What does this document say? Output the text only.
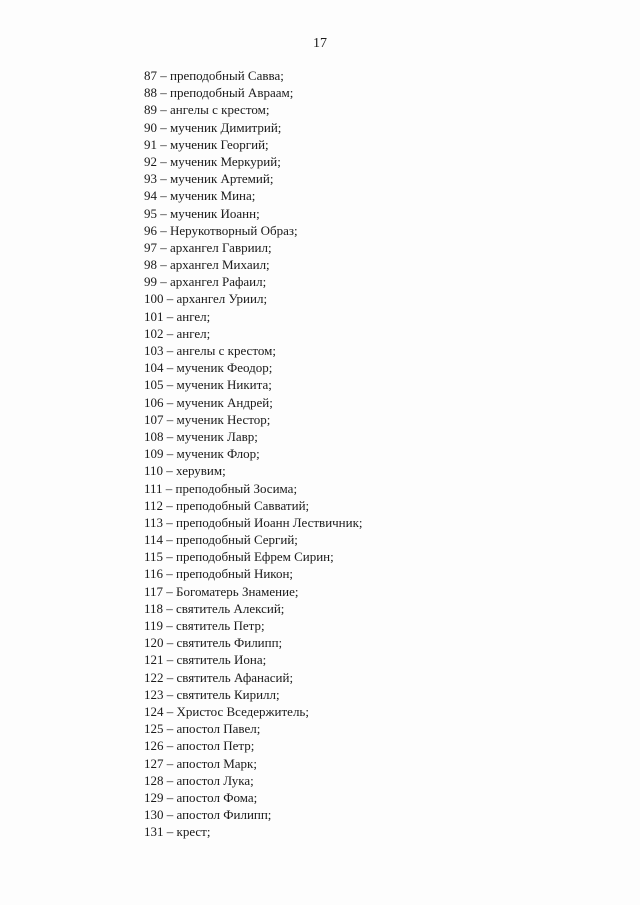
17
87 – преподобный Савва;
88 – преподобный Авраам;
89 – ангелы с крестом;
90 – мученик Димитрий;
91 – мученик Георгий;
92 – мученик Меркурий;
93 – мученик Артемий;
94 – мученик Мина;
95 – мученик Иоанн;
96 – Нерукотворный Образ;
97 – архангел Гавриил;
98 – архангел Михаил;
99 – архангел Рафаил;
100 – архангел Уриил;
101 – ангел;
102 – ангел;
103 – ангелы с крестом;
104 – мученик Феодор;
105 – мученик Никита;
106 – мученик Андрей;
107 – мученик Нестор;
108 – мученик Лавр;
109 – мученик Флор;
110 – херувим;
111 – преподобный Зосима;
112 – преподобный Савватий;
113 – преподобный Иоанн Лествичник;
114 – преподобный Сергий;
115 – преподобный Ефрем Сирин;
116 – преподобный Никон;
117 – Богоматерь Знамение;
118 – святитель Алексий;
119 – святитель Петр;
120 – святитель Филипп;
121 – святитель Иона;
122 – святитель Афанасий;
123 – святитель Кирилл;
124 – Христос Вседержитель;
125 – апостол Павел;
126 – апостол Петр;
127 – апостол Марк;
128 – апостол Лука;
129 – апостол Фома;
130 – апостол Филипп;
131 – крест;
